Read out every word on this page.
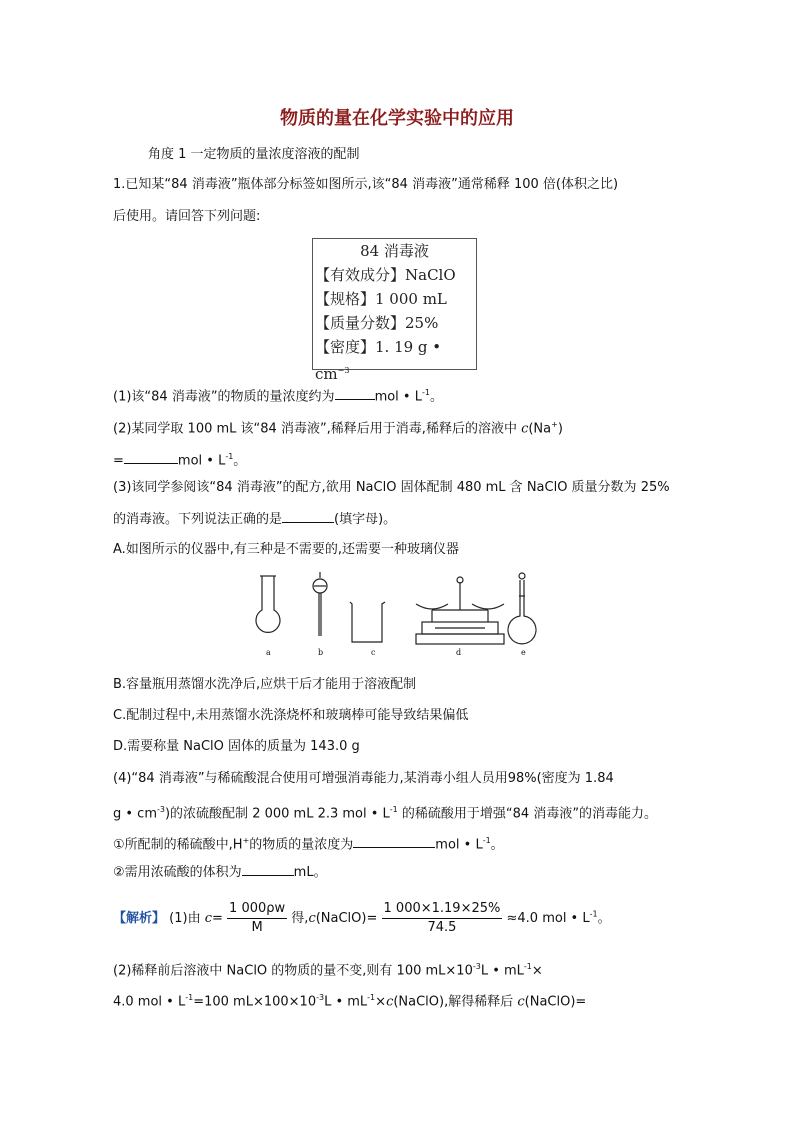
物质的量在化学实验中的应用
角度 1 一定物质的量浓度溶液的配制
1.已知某“84 消毒液”瓶体部分标签如图所示,该“84 消毒液”通常稀释 100 倍(体积之比)
后使用。请回答下列问题:
84 消毒液
【有效成分】NaClO
【规格】1 000 mL
【质量分数】25%
【密度】1. 19 g • $cm^{-3}$
(1)该“84 消毒液”的物质的量浓度约为	mol • $L^{-1}$。
(2)某同学取 100 mL 该“84 消毒液”,稀释后用于消毒,稀释后的溶液中 c(Na+)
=	mol • $L^{-1}$。
(3)该同学参阅该“84 消毒液”的配方,欲用 NaClO 固体配制 480 mL 含 NaClO 质量分数为 25%
的消毒液。下列说法正确的是	(填字母)。
A.如图所示的仪器中,有三种是不需要的,还需要一种玻璃仪器
a	b	c	d	e
B.容量瓶用蒸馏水洗净后,应烘干后才能用于溶液配制
C.配制过程中,未用蒸馏水洗涤烧杯和玻璃棒可能导致结果偏低
D.需要称量 NaClO 固体的质量为 143.0 g
(4)“84 消毒液”与稀硫酸混合使用可增强消毒能力,某消毒小组人员用98%(密度为 1.84
g • $cm^{-3}$)的浓硫酸配制 2 000 mL 2.3 mol • $L^{-1}$ 的稀硫酸用于增强“84 消毒液”的消毒能力。
①所配制的稀硫酸中,H+的物质的量浓度为	mol • $L^{-1}$。
②需用浓硫酸的体积为	mL。
【解析】 (1)由 $c= \frac{1 000\rho w}{M}$ 得,c(NaClO)= $\frac{1 000\times 1.19\times 25\%}{74.5} \approx 4.0$ mol • $L^{-1}$。
(2)稀释前后溶液中 NaClO 的物质的量不变,则有 100 $mL\times 10^{-3}L$ • $mL^{-1}\times$
4.0 mol • $L^{-1}=100$ $mL\times 100\times 10^{-3}L$ • $mL^{-1}\times c(NaClO)$,解得稀释后 c(NaClO)=
